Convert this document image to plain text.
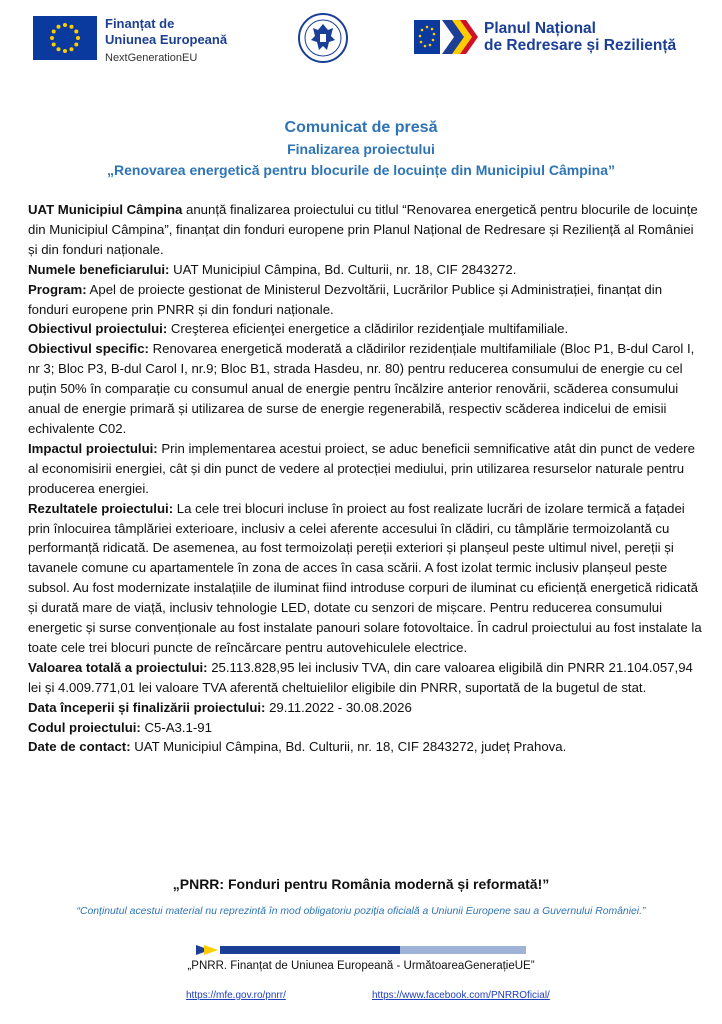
Finanțat de
Uniunea Europeană
NextGenerationEU
Planul Național
de Redresare și Reziliență
Comunicat de presă
Finalizarea proiectului
„Renovarea energetică pentru blocurile de locuințe din Municipiul Câmpina”

UAT Municipiul Câmpina anunță finalizarea proiectului cu titlul “Renovarea energetică pentru blocurile de locuințe din Municipiul Câmpina”, finanțat din fonduri europene prin Planul Național de Redresare și Reziliență al României și din fonduri naționale.

Numele beneficiarului: UAT Municipiul Câmpina, Bd. Culturii, nr. 18, CIF 2843272.

Program: Apel de proiecte gestionat de Ministerul Dezvoltării, Lucrărilor Publice și Administrației, finanțat din fonduri europene prin PNRR și din fonduri naționale.

Obiectivul proiectului: Creşterea eficienţei energetice a clădirilor rezidenţiale multifamiliale.

Obiectivul specific: Renovarea energetică moderată a clădirilor rezidențiale multifamiliale (Bloc P1, B-dul Carol I, nr 3; Bloc P3, B-dul Carol I, nr.9; Bloc B1, strada Hasdeu, nr. 80) pentru reducerea consumului de energie cu cel puțin 50% în comparație cu consumul anual de energie pentru încălzire anterior renovării, scăderea consumului anual de energie primară și utilizarea de surse de energie regenerabilă, respectiv scăderea indicelui de emisii echivalente C02.

Impactul proiectului: Prin implementarea acestui proiect, se aduc beneficii semnificative atât din punct de vedere al economisirii energiei, cât și din punct de vedere al protecției mediului, prin utilizarea resurselor naturale pentru producerea energiei.

Rezultatele proiectului: La cele trei blocuri incluse în proiect au fost realizate lucrări de izolare termică a fațadei prin înlocuirea tâmplăriei exterioare, inclusiv a celei aferente accesului în clădiri, cu tâmplărie termoizolantă cu performanță ridicată. De asemenea, au fost termoizolați pereții exteriori și planșeul peste ultimul nivel, pereții și tavanele comune cu apartamentele în zona de acces în casa scării. A fost izolat termic inclusiv planșeul peste subsol. Au fost modernizate instalațiile de iluminat fiind introduse corpuri de iluminat cu eficiență energetică ridicată și durată mare de viață, inclusiv tehnologie LED, dotate cu senzori de mișcare. Pentru reducerea consumului energetic și surse convenționale au fost instalate panouri solare fotovoltaice. În cadrul proiectului au fost instalate la toate cele trei blocuri puncte de reîncărcare pentru autovehiculele electrice.

Valoarea totală a proiectului: 25.113.828,95 lei inclusiv TVA, din care valoarea eligibilă din PNRR 21.104.057,94 lei și 4.009.771,01 lei valoare TVA aferentă cheltuielilor eligibile din PNRR, suportată de la bugetul de stat.

Data începerii și finalizării proiectului: 29.11.2022 - 30.08.2026

Codul proiectului: C5-A3.1-91

Date de contact: UAT Municipiul Câmpina, Bd. Culturii, nr. 18, CIF 2843272, județ Prahova.

„PNRR: Fonduri pentru România modernă și reformată!”
“Conținutul acestui material nu reprezintă în mod obligatoriu poziția oficială a Uniunii Europene sau a Guvernului României.”
„PNRR. Finanțat de Uniunea Europeană - UrmătoareaGenerațieUE”
https://mfe.gov.ro/pnrr/	https://www.facebook.com/PNRROficial/
